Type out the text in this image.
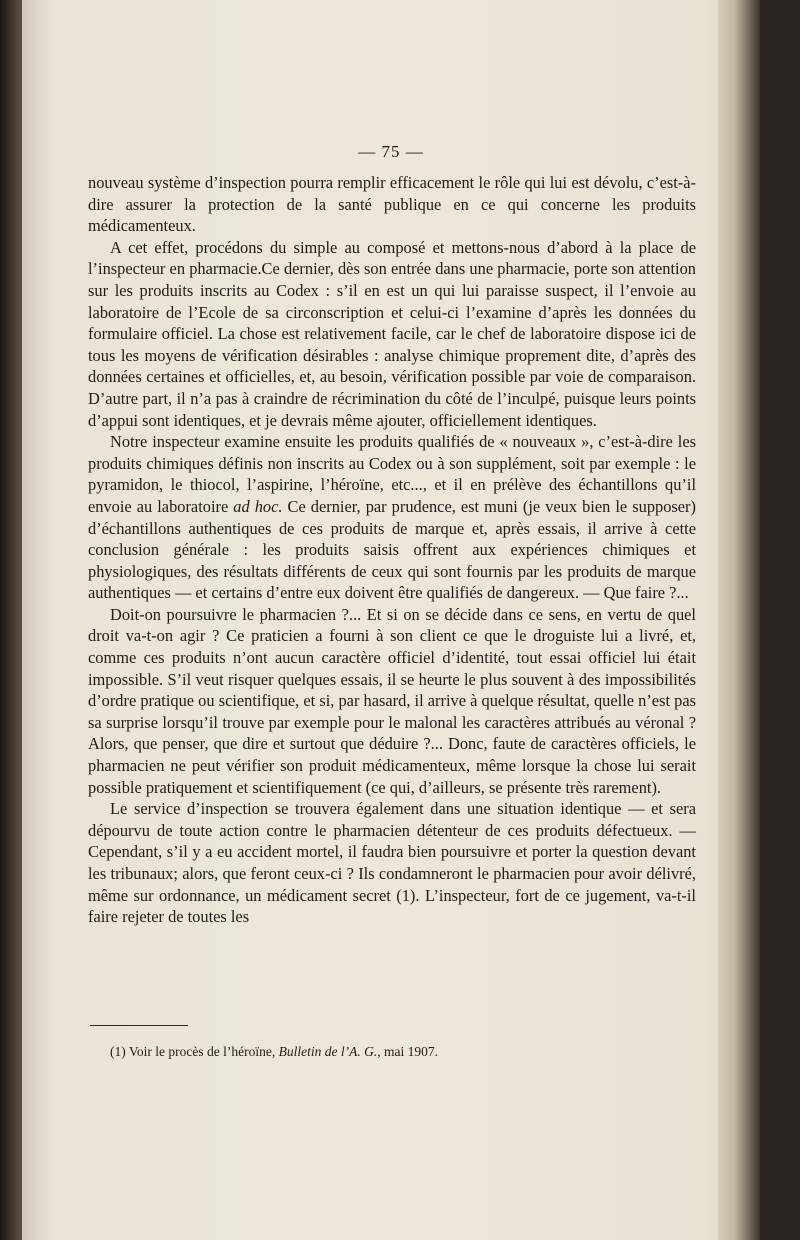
— 75 —

nouveau système d’inspection pourra remplir efficacement le rôle qui lui est dévolu, c’est-à-dire assurer la protection de la santé publique en ce qui concerne les produits médicamenteux.

A cet effet, procédons du simple au composé et mettons-nous d’abord à la place de l’inspecteur en pharmacie.Ce dernier, dès son entrée dans une pharmacie, porte son attention sur les produits inscrits au Codex : s’il en est un qui lui paraisse suspect, il l’envoie au laboratoire de l’Ecole de sa circonscription et celui-ci l’examine d’après les données du formulaire officiel. La chose est relativement facile, car le chef de laboratoire dispose ici de tous les moyens de vérification désirables : analyse chimique proprement dite, d’après des données certaines et officielles, et, au besoin, vérification possible par voie de comparaison. D’autre part, il n’a pas à craindre de récrimination du côté de l’inculpé, puisque leurs points d’appui sont identiques, et je devrais même ajouter, officiellement identiques.

Notre inspecteur examine ensuite les produits qualifiés de « nouveaux », c’est-à-dire les produits chimiques définis non inscrits au Codex ou à son supplément, soit par exemple : le pyramidon, le thiocol, l’aspirine, l’héroïne, etc..., et il en prélève des échantillons qu’il envoie au laboratoire ad hoc. Ce dernier, par prudence, est muni (je veux bien le supposer) d’échantillons authentiques de ces produits de marque et, après essais, il arrive à cette conclusion générale : les produits saisis offrent aux expériences chimiques et physiologiques, des résultats différents de ceux qui sont fournis par les produits de marque authentiques — et certains d’entre eux doivent être qualifiés de dangereux. — Que faire ?...

Doit-on poursuivre le pharmacien ?... Et si on se décide dans ce sens, en vertu de quel droit va-t-on agir ? Ce praticien a fourni à son client ce que le droguiste lui a livré, et, comme ces produits n’ont aucun caractère officiel d’identité, tout essai officiel lui était impossible. S’il veut risquer quelques essais, il se heurte le plus souvent à des impossibilités d’ordre pratique ou scientifique, et si, par hasard, il arrive à quelque résultat, quelle n’est pas sa surprise lorsqu’il trouve par exemple pour le malonal les caractères attribués au véronal ? Alors, que penser, que dire et surtout que déduire ?... Donc, faute de caractères officiels, le pharmacien ne peut vérifier son produit médicamenteux, même lorsque la chose lui serait possible pratiquement et scientifiquement (ce qui, d’ailleurs, se présente très rarement).

Le service d’inspection se trouvera également dans une situation identique — et sera dépourvu de toute action contre le pharmacien détenteur de ces produits défectueux. — Cependant, s’il y a eu accident mortel, il faudra bien poursuivre et porter la question devant les tribunaux; alors, que feront ceux-ci ? Ils condamneront le pharmacien pour avoir délivré, même sur ordonnance, un médicament secret (1). L’inspecteur, fort de ce jugement, va-t-il faire rejeter de toutes les

(1) Voir le procès de l’héroïne, Bulletin de l’A. G., mai 1907.
